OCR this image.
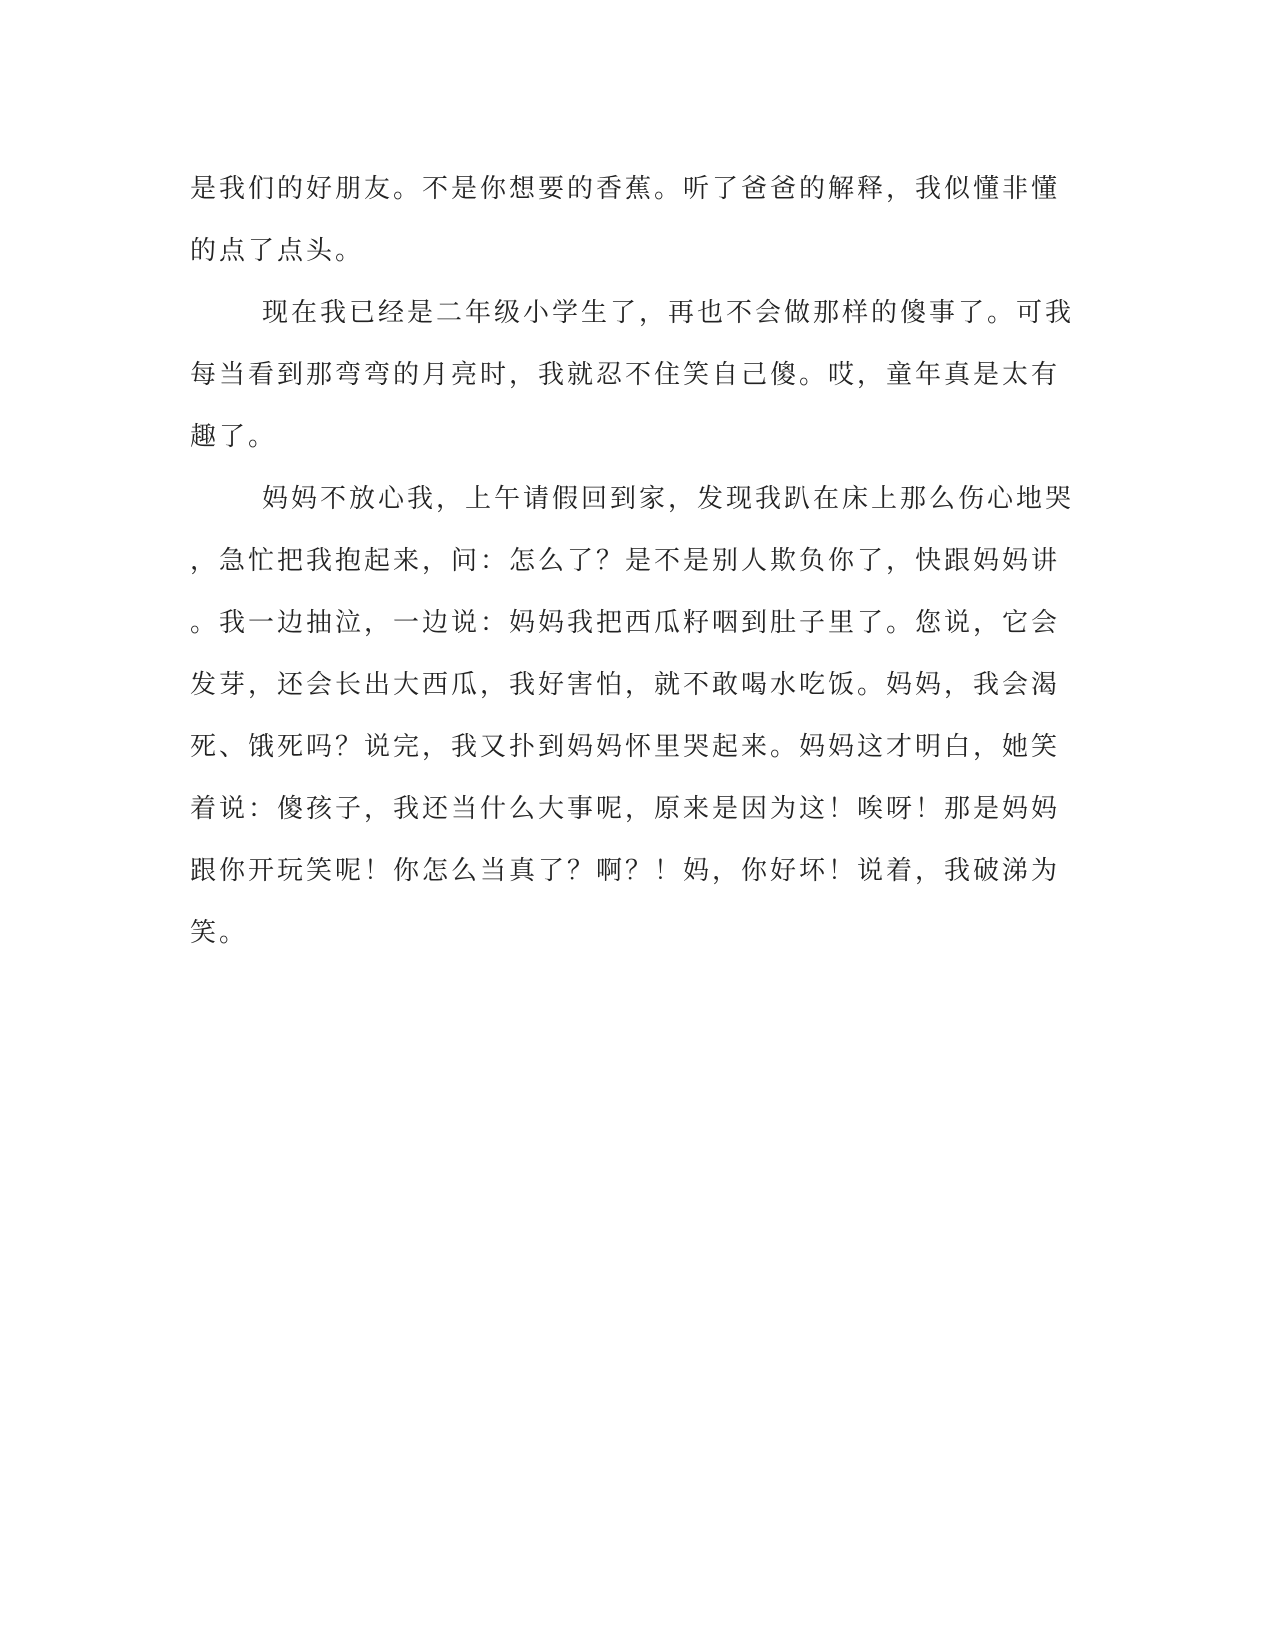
是我们的好朋友。不是你想要的香蕉。听了爸爸的解释，我似懂非懂
的点了点头。
现在我已经是二年级小学生了，再也不会做那样的傻事了。可我
每当看到那弯弯的月亮时，我就忍不住笑自己傻。哎，童年真是太有
趣了。
妈妈不放心我，上午请假回到家，发现我趴在床上那么伤心地哭
，急忙把我抱起来，问：怎么了？是不是别人欺负你了，快跟妈妈讲
。我一边抽泣，一边说：妈妈我把西瓜籽咽到肚子里了。您说，它会
发芽，还会长出大西瓜，我好害怕，就不敢喝水吃饭。妈妈，我会渴
死、饿死吗？说完，我又扑到妈妈怀里哭起来。妈妈这才明白，她笑
着说：傻孩子，我还当什么大事呢，原来是因为这！唉呀！那是妈妈
跟你开玩笑呢！你怎么当真了？啊？！妈，你好坏！说着，我破涕为
笑。
